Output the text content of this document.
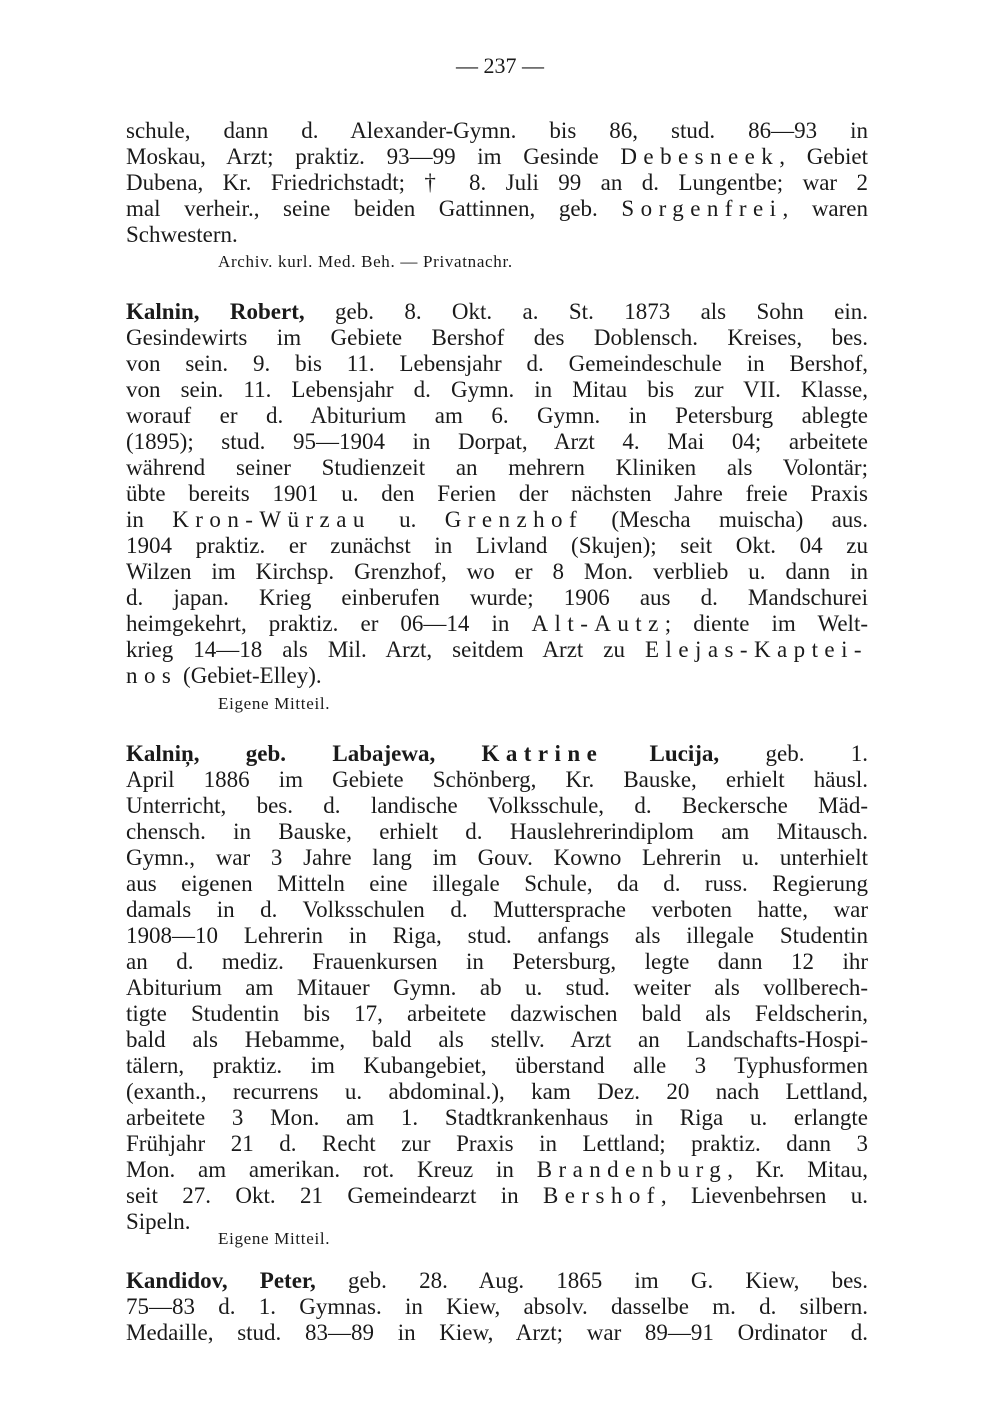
— 237 —
schule, dann d. Alexander-Gymn. bis 86, stud. 86—93 in
Moskau, Arzt; praktiz. 93—99 im Gesinde Debesneek, Gebiet
Dubena, Kr. Friedrichstadt; † 8. Juli 99 an d. Lungentbe; war 2
mal verheir., seine beiden Gattinnen, geb. Sorgenfrei, waren
Schwestern.
Archiv. kurl. Med. Beh. — Privatnachr.
Kalnin, Robert, geb. 8. Okt. a. St. 1873 als Sohn ein.
Gesindewirts im Gebiete Bershof des Doblensch. Kreises, bes.
von sein. 9. bis 11. Lebensjahr d. Gemeindeschule in Bershof,
von sein. 11. Lebensjahr d. Gymn. in Mitau bis zur VII. Klasse,
worauf er d. Abiturium am 6. Gymn. in Petersburg ablegte
(1895); stud. 95—1904 in Dorpat, Arzt 4. Mai 04; arbeitete
während seiner Studienzeit an mehrern Kliniken als Volontär;
übte bereits 1901 u. den Ferien der nächsten Jahre freie Praxis
in Kron-Würzau u. Grenzhof (Mescha muischa) aus.
1904 praktiz. er zunächst in Livland (Skujen); seit Okt. 04 zu
Wilzen im Kirchsp. Grenzhof, wo er 8 Mon. verblieb u. dann in
d. japan. Krieg einberufen wurde; 1906 aus d. Mandschurei
heimgekehrt, praktiz. er 06—14 in Alt-Autz; diente im Welt-
krieg 14—18 als Mil. Arzt, seitdem Arzt zu Elejas-Kaptei-
nos (Gebiet-Elley).
Eigene Mitteil.
Kalniņ, geb. Labajewa, Katrine Lucija, geb. 1.
April 1886 im Gebiete Schönberg, Kr. Bauske, erhielt häusl.
Unterricht, bes. d. landische Volksschule, d. Beckersche Mäd-
chensch. in Bauske, erhielt d. Hauslehrerindiplom am Mitausch.
Gymn., war 3 Jahre lang im Gouv. Kowno Lehrerin u. unterhielt
aus eigenen Mitteln eine illegale Schule, da d. russ. Regierung
damals in d. Volksschulen d. Muttersprache verboten hatte, war
1908—10 Lehrerin in Riga, stud. anfangs als illegale Studentin
an d. mediz. Frauenkursen in Petersburg, legte dann 12 ihr
Abiturium am Mitauer Gymn. ab u. stud. weiter als vollberech-
tigte Studentin bis 17, arbeitete dazwischen bald als Feldscherin,
bald als Hebamme, bald als stellv. Arzt an Landschafts-Hospi-
tälern, praktiz. im Kubangebiet, überstand alle 3 Typhusformen
(exanth., recurrens u. abdominal.), kam Dez. 20 nach Lettland,
arbeitete 3 Mon. am 1. Stadtkrankenhaus in Riga u. erlangte
Frühjahr 21 d. Recht zur Praxis in Lettland; praktiz. dann 3
Mon. am amerikan. rot. Kreuz in Brandenburg, Kr. Mitau,
seit 27. Okt. 21 Gemeindearzt in Bershof, Lievenbehrsen u.
Sipeln.
Eigene Mitteil.
Kandidov, Peter, geb. 28. Aug. 1865 im G. Kiew, bes.
75—83 d. 1. Gymnas. in Kiew, absolv. dasselbe m. d. silbern.
Medaille, stud. 83—89 in Kiew, Arzt; war 89—91 Ordinator d.
